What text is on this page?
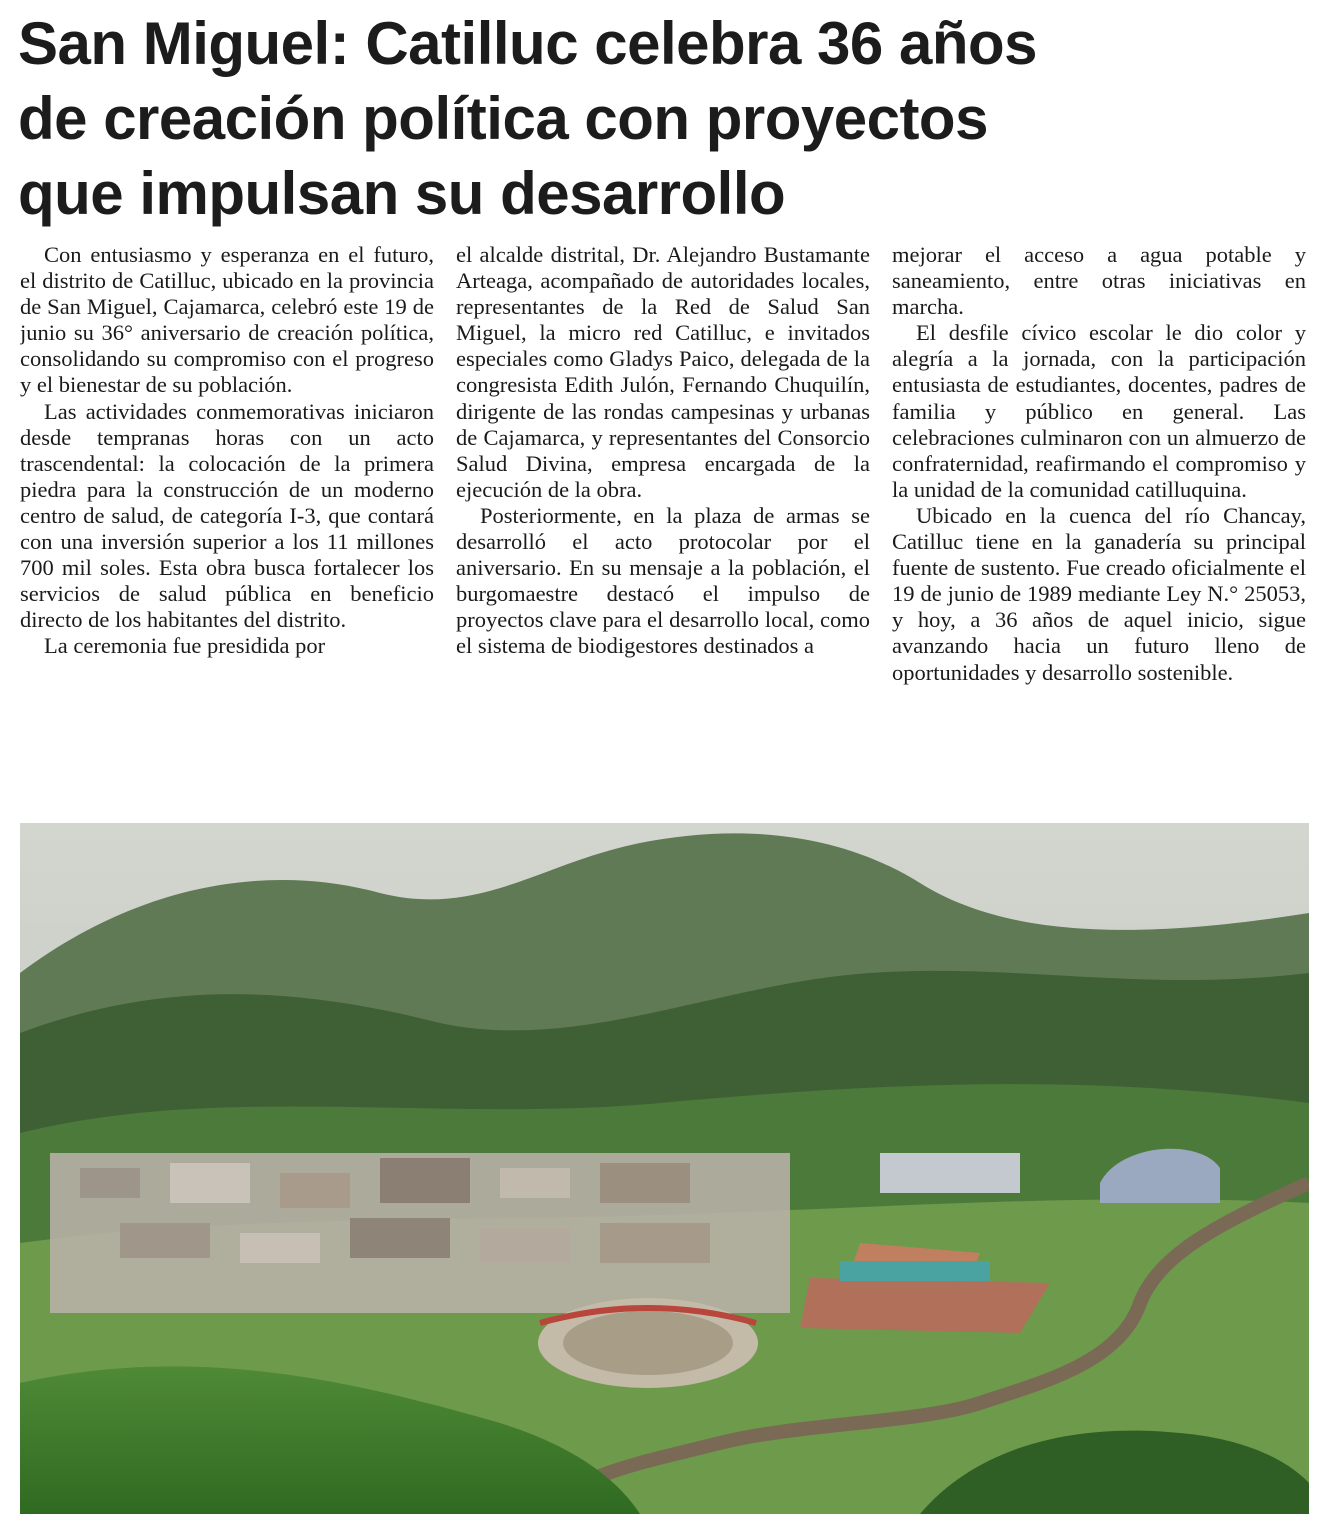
San Miguel: Catilluc celebra 36 años
de creación política con proyectos
que impulsan su desarrollo

Con entusiasmo y esperanza en el futuro, el distrito de Catilluc, ubicado en la provincia de San Miguel, Cajamarca, celebró este 19 de junio su 36° aniversario de creación política, consolidando su compromiso con el progreso y el bienestar de su población.

Las actividades conmemorativas iniciaron desde tempranas horas con un acto trascendental: la colocación de la primera piedra para la construcción de un moderno centro de salud, de categoría I-3, que contará con una inversión superior a los 11 millones 700 mil soles. Esta obra busca fortalecer los servicios de salud pública en beneficio directo de los habitantes del distrito.

La ceremonia fue presidida por

el alcalde distrital, Dr. Alejandro Bustamante Arteaga, acompañado de autoridades locales, representantes de la Red de Salud San Miguel, la micro red Catilluc, e invitados especiales como Gladys Paico, delegada de la congresista Edith Julón, Fernando Chuquilín, dirigente de las rondas campesinas y urbanas de Cajamarca, y representantes del Consorcio Salud Divina, empresa encargada de la ejecución de la obra.

Posteriormente, en la plaza de armas se desarrolló el acto protocolar por el aniversario. En su mensaje a la población, el burgomaestre destacó el impulso de proyectos clave para el desarrollo local, como el sistema de biodigestores destinados a

mejorar el acceso a agua potable y saneamiento, entre otras iniciativas en marcha.

El desfile cívico escolar le dio color y alegría a la jornada, con la participación entusiasta de estudiantes, docentes, padres de familia y público en general. Las celebraciones culminaron con un almuerzo de confraternidad, reafirmando el compromiso y la unidad de la comunidad catilluquina.

Ubicado en la cuenca del río Chancay, Catilluc tiene en la ganadería su principal fuente de sustento. Fue creado oficialmente el 19 de junio de 1989 mediante Ley N.° 25053, y hoy, a 36 años de aquel inicio, sigue avanzando hacia un futuro lleno de oportunidades y desarrollo sostenible.
